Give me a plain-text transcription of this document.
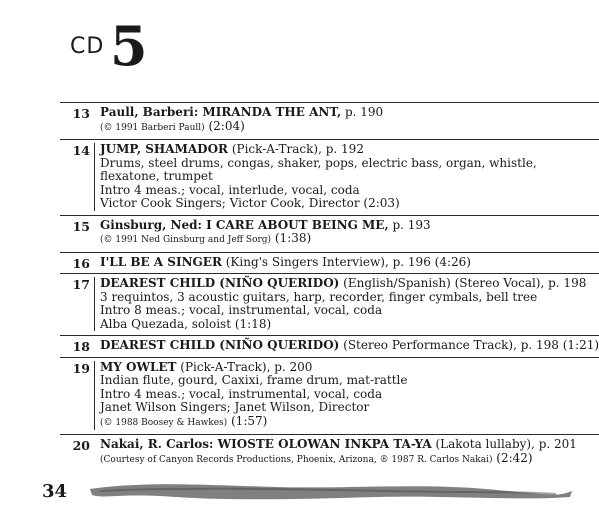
CD 5
13 Paull, Barberi: MIRANDA THE ANT, p. 190
(© 1991 Barberi Paull) (2:04)
14 JUMP, SHAMADOR (Pick-A-Track), p. 192
Drums, steel drums, congas, shaker, pops, electric bass, organ, whistle,
flexatone, trumpet
Intro 4 meas.; vocal, interlude, vocal, coda
Victor Cook Singers; Victor Cook, Director (2:03)
15 Ginsburg, Ned: I CARE ABOUT BEING ME, p. 193
(© 1991 Ned Ginsburg and Jeff Sorg) (1:38)
16 I'LL BE A SINGER (King's Singers Interview), p. 196 (4:26)
17 DEAREST CHILD (NIÑO QUERIDO) (English/Spanish) (Stereo Vocal), p. 198
3 requintos, 3 acoustic guitars, harp, recorder, finger cymbals, bell tree
Intro 8 meas.; vocal, instrumental, vocal, coda
Alba Quezada, soloist (1:18)
18 DEAREST CHILD (NIÑO QUERIDO) (Stereo Performance Track), p. 198 (1:21)
19 MY OWLET (Pick-A-Track), p. 200
Indian flute, gourd, Caxixi, frame drum, mat-rattle
Intro 4 meas.; vocal, instrumental, vocal, coda
Janet Wilson Singers; Janet Wilson, Director
(© 1988 Boosey & Hawkes) (1:57)
20 Nakai, R. Carlos: WIOSTE OLOWAN INKPA TA-YA (Lakota lullaby), p. 201
(Courtesy of Canyon Records Productions, Phoenix, Arizona, ® 1987 R. Carlos Nakai) (2:42)
34
